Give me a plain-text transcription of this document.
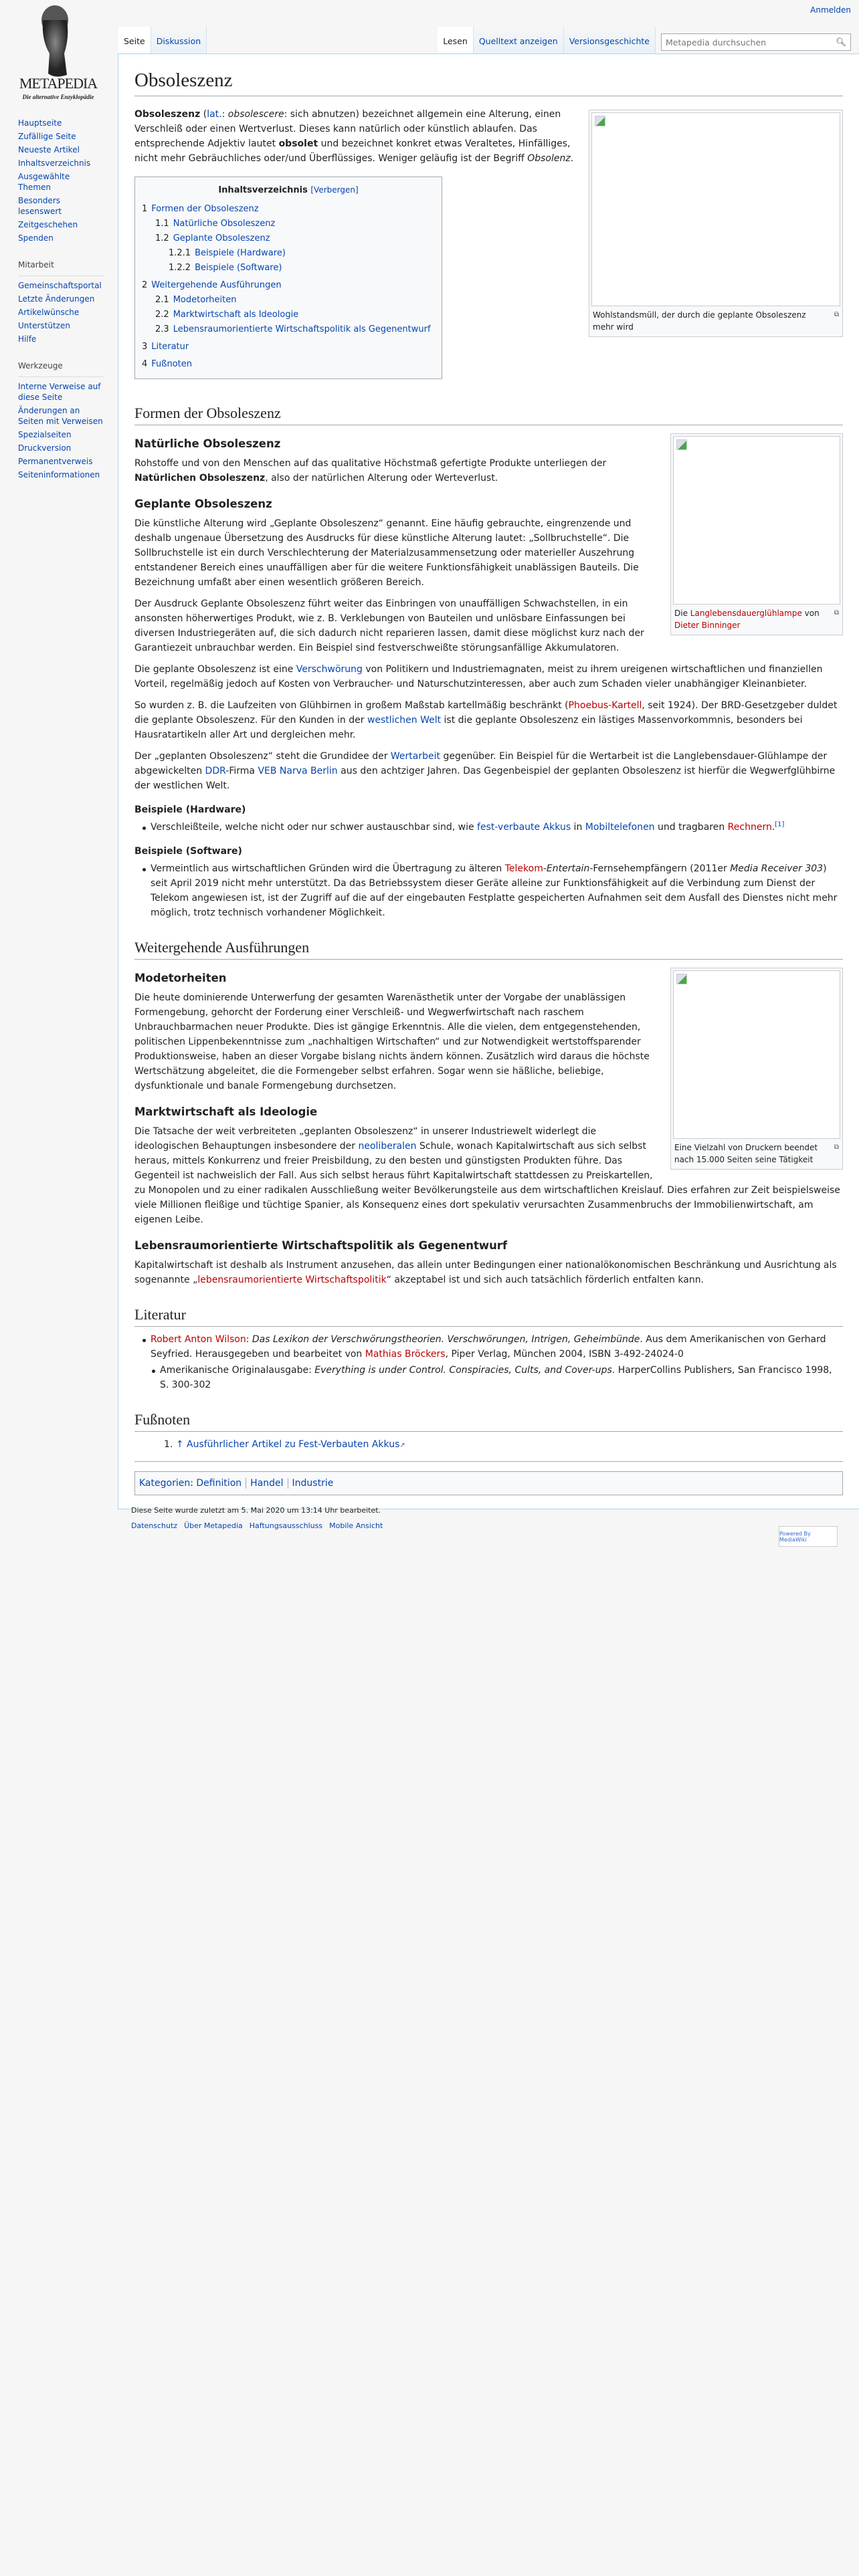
METAPEDIA
Die alternative Enzyklopädie
Anmelden
Seite	Diskussion	Lesen	Quelltext anzeigen	Versionsgeschichte	Metapedia durchsuchen	🔍︎
Hauptseite
Zufällige Seite
Neueste Artikel
Inhaltsverzeichnis
Ausgewählte Themen
Besonders lesenswert
Zeitgeschehen
Spenden
Mitarbeit
Gemeinschaftsportal
Letzte Änderungen
Artikelwünsche
Unterstützen
Hilfe
Werkzeuge
Interne Verweise auf diese Seite
Änderungen an Seiten mit Verweisen
Spezialseiten
Druckversion
Permanentverweis
Seiteninformationen
Obsoleszenz
Wohlstandsmüll, der durch die geplante Obsoleszenz mehr wird
⧉

Obsoleszenz (lat.: obsolescere: sich abnutzen) bezeichnet allgemein eine Alterung, einen Verschleiß oder einen Wertverlust. Dieses kann natürlich oder künstlich ablaufen. Das entsprechende Adjektiv lautet obsolet und bezeichnet konkret etwas Veraltetes, Hinfälliges, nicht mehr Gebräuchliches oder/und Überflüssiges. Weniger geläufig ist der Begriff Obsolenz.

Inhaltsverzeichnis [Verbergen]
1 Formen der Obsoleszenz
1.1 Natürliche Obsoleszenz
1.2 Geplante Obsoleszenz
1.2.1 Beispiele (Hardware)
1.2.2 Beispiele (Software)
2 Weitergehende Ausführungen
2.1 Modetorheiten
2.2 Marktwirtschaft als Ideologie
2.3 Lebensraumorientierte Wirtschaftspolitik als Gegenentwurf
3 Literatur
4 Fußnoten
Formen der Obsoleszenz
Die Langlebensdauerglühlampe von Dieter Binninger
⧉
Natürliche Obsoleszenz

Rohstoffe und von den Menschen auf das qualitative Höchstmaß gefertigte Produkte unterliegen der Natürlichen Obsoleszenz, also der natürlichen Alterung oder Werteverlust.

Geplante Obsoleszenz

Die künstliche Alterung wird „Geplante Obsoleszenz“ genannt. Eine häufig gebrauchte, eingrenzende und deshalb ungenaue Übersetzung des Ausdrucks für diese künstliche Alterung lautet: „Sollbruchstelle“. Die Sollbruchstelle ist ein durch Verschlechterung der Materialzusammensetzung oder materieller Auszehrung entstandener Bereich eines unauffälligen aber für die weitere Funktionsfähigkeit unablässigen Bauteils. Die Bezeichnung umfaßt aber einen wesentlich größeren Bereich.

Der Ausdruck Geplante Obsoleszenz führt weiter das Einbringen von unauffälligen Schwachstellen, in ein ansonsten höherwertiges Produkt, wie z. B. Verklebungen von Bauteilen und unlösbare Einfassungen bei diversen Industriegeräten auf, die sich dadurch nicht reparieren lassen, damit diese möglichst kurz nach der Garantiezeit unbrauchbar werden. Ein Beispiel sind festverschweißte störungsanfällige Akkumulatoren.

Die geplante Obsoleszenz ist eine Verschwörung von Politikern und Industriemagnaten, meist zu ihrem ureigenen wirtschaftlichen und finanziellen Vorteil, regelmäßig jedoch auf Kosten von Verbraucher- und Naturschutzinteressen, aber auch zum Schaden vieler unabhängiger Kleinanbieter.

So wurden z. B. die Laufzeiten von Glühbirnen in großem Maßstab kartellmäßig beschränkt (Phoebus-Kartell, seit 1924). Der BRD-Gesetzgeber duldet die geplante Obsoleszenz. Für den Kunden in der westlichen Welt ist die geplante Obsoleszenz ein lästiges Massenvorkommnis, besonders bei Hausratartikeln aller Art und dergleichen mehr.

Der „geplanten Obsoleszenz“ steht die Grundidee der Wertarbeit gegenüber. Ein Beispiel für die Wertarbeit ist die Langlebensdauer-Glühlampe der abgewickelten DDR-Firma VEB Narva Berlin aus den achtziger Jahren. Das Gegenbeispiel der geplanten Obsoleszenz ist hierfür die Wegwerfglühbirne der westlichen Welt.

Beispiele (Hardware)
Verschleißteile, welche nicht oder nur schwer austauschbar sind, wie fest-verbaute Akkus in Mobiltelefonen und tragbaren Rechnern.[1]
Beispiele (Software)
Vermeintlich aus wirtschaftlichen Gründen wird die Übertragung zu älteren Telekom-Entertain-Fernsehempfängern (2011er Media Receiver 303) seit April 2019 nicht mehr unterstützt. Da das Betriebssystem dieser Geräte alleine zur Funktionsfähigkeit auf die Verbindung zum Dienst der Telekom angewiesen ist, ist der Zugriff auf die auf der eingebauten Festplatte gespeicherten Aufnahmen seit dem Ausfall des Dienstes nicht mehr möglich, trotz technisch vorhandener Möglichkeit.
Weitergehende Ausführungen
Eine Vielzahl von Druckern beendet nach 15.000 Seiten seine Tätigkeit
⧉
Modetorheiten

Die heute dominierende Unterwerfung der gesamten Warenästhetik unter der Vorgabe der unablässigen Formengebung, gehorcht der Forderung einer Verschleiß- und Wegwerfwirtschaft nach raschem Unbrauchbarmachen neuer Produkte. Dies ist gängige Erkenntnis. Alle die vielen, dem entgegenstehenden, politischen Lippenbekenntnisse zum „nachhaltigen Wirtschaften“ und zur Notwendigkeit wertstoffsparender Produktionsweise, haben an dieser Vorgabe bislang nichts ändern können. Zusätzlich wird daraus die höchste Wertschätzung abgeleitet, die die Formengeber selbst erfahren. Sogar wenn sie häßliche, beliebige, dysfunktionale und banale Formengebung durchsetzen.

Marktwirtschaft als Ideologie

Die Tatsache der weit verbreiteten „geplanten Obsoleszenz“ in unserer Industriewelt widerlegt die ideologischen Behauptungen insbesondere der neoliberalen Schule, wonach Kapitalwirtschaft aus sich selbst heraus, mittels Konkurrenz und freier Preisbildung, zu den besten und günstigsten Produkten führe. Das Gegenteil ist nachweislich der Fall. Aus sich selbst heraus führt Kapitalwirtschaft stattdessen zu Preiskartellen, zu Monopolen und zu einer radikalen Ausschließung weiter Bevölkerungsteile aus dem wirtschaftlichen Kreislauf. Dies erfahren zur Zeit beispielsweise viele Millionen fleißige und tüchtige Spanier, als Konsequenz eines dort spekulativ verursachten Zusammenbruchs der Immobilienwirtschaft, am eigenen Leibe.

Lebensraumorientierte Wirtschaftspolitik als Gegenentwurf

Kapitalwirtschaft ist deshalb als Instrument anzusehen, das allein unter Bedingungen einer nationalökonomischen Beschränkung und Ausrichtung als sogenannte „lebensraumorientierte Wirtschaftspolitik“ akzeptabel ist und sich auch tatsächlich förderlich entfalten kann.

Literatur
Robert Anton Wilson: Das Lexikon der Verschwörungstheorien. Verschwörungen, Intrigen, Geheimbünde. Aus dem Amerikanischen von Gerhard Seyfried. Herausgegeben und bearbeitet von Mathias Bröckers, Piper Verlag, München 2004, ISBN 3-492-24024-0
Amerikanische Originalausgabe: Everything is under Control. Conspiracies, Cults, and Cover-ups. HarperCollins Publishers, San Francisco 1998, S. 300-302
Fußnoten
1. ↑ Ausführlicher Artikel zu Fest-Verbauten Akkus↗
Kategorien: Definition Handel Industrie

Diese Seite wurde zuletzt am 5. Mai 2020 um 13:14 Uhr bearbeitet.

Datenschutz Über Metapedia Haftungsausschluss Mobile Ansicht
Powered By MediaWiki
